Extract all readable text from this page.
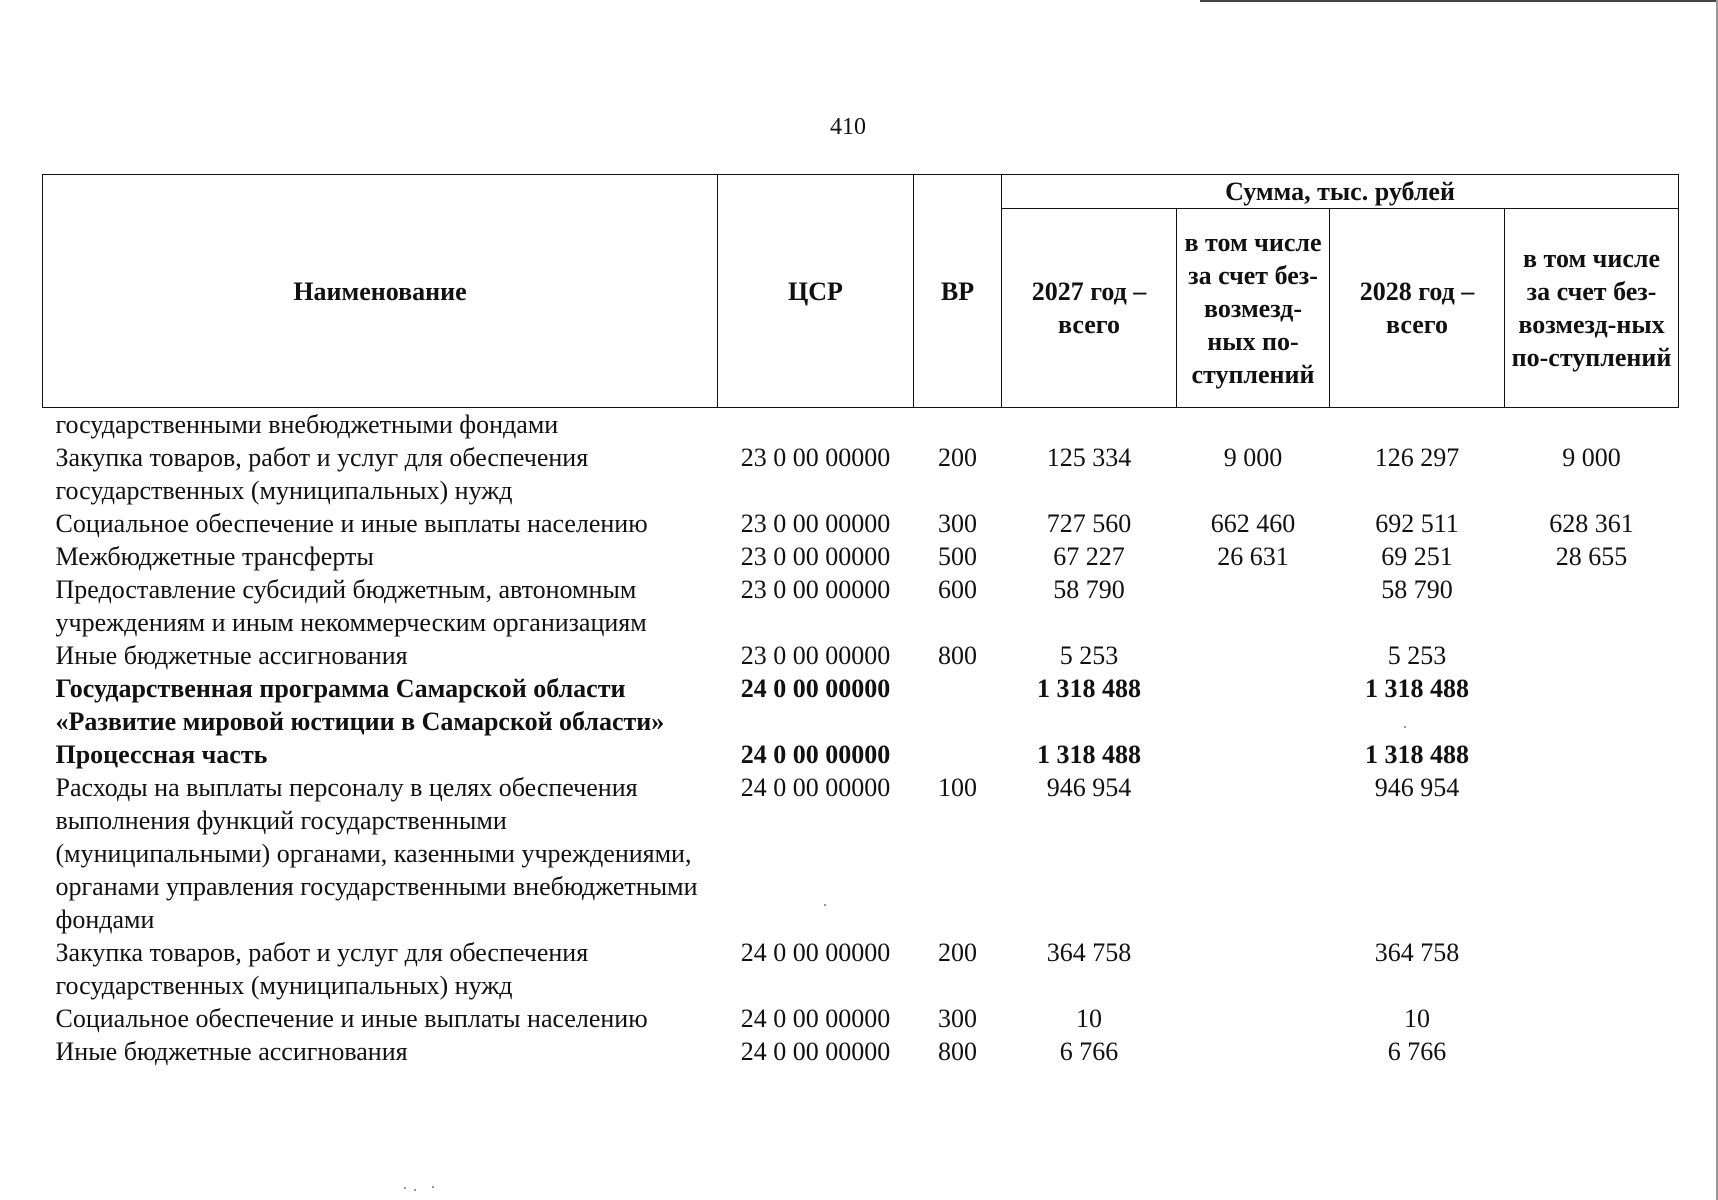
410
Наименование	ЦСР	ВР	Сумма, тыс. рублей			
			2027 год – всего	в том числе за счет без-возмезд-ных по-ступлений	2028 год – всего	в том числе за счет без-возмезд-ных по-ступлений
государственными внебюджетными фондами						
Закупка товаров, работ и услуг для обеспечения государственных (муниципальных) нужд	23 0 00 00000	200	125 334	9 000	126 297	9 000
Социальное обеспечение и иные выплаты населению	23 0 00 00000	300	727 560	662 460	692 511	628 361
Межбюджетные трансферты	23 0 00 00000	500	67 227	26 631	69 251	28 655
Предоставление субсидий бюджетным, автономным учреждениям и иным некоммерческим организациям	23 0 00 00000	600	58 790		58 790	
Иные бюджетные ассигнования	23 0 00 00000	800	5 253		5 253	
Государственная программа Самарской области «Развитие мировой юстиции в Самарской области»	24 0 00 00000		1 318 488		1 318 488	
Процессная часть	24 0 00 00000		1 318 488		1 318 488	
Расходы на выплаты персоналу в целях обеспечения выполнения функций государственными (муниципальными) органами, казенными учреждениями, органами управления государственными внебюджетными фондами	24 0 00 00000	100	946 954		946 954	
Закупка товаров, работ и услуг для обеспечения государственных (муниципальных) нужд	24 0 00 00000	200	364 758		364 758	
Социальное обеспечение и иные выплаты населению	24 0 00 00000	300	10		10	
Иные бюджетные ассигнования	24 0 00 00000	800	6 766		6 766	
